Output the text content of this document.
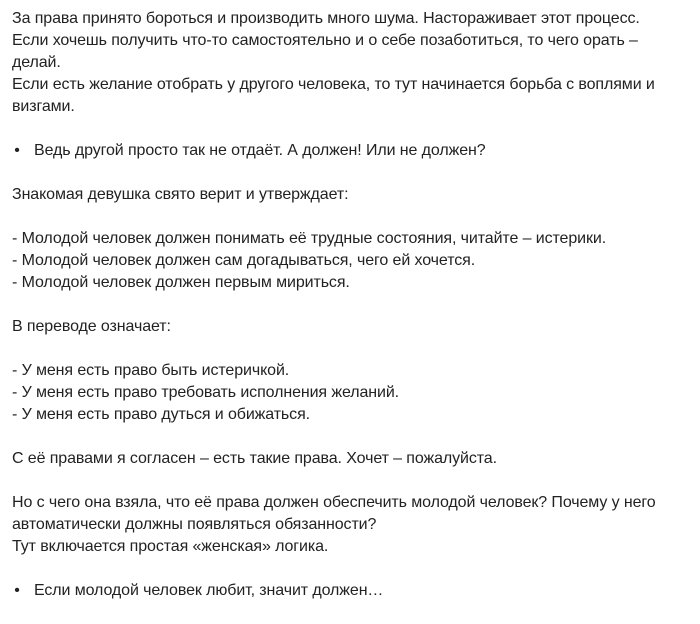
За права принято бороться и производить много шума. Настораживает этот процесс.
Если хочешь получить что-то самостоятельно и о себе позаботиться, то чего орать –
делай.
Если есть желание отобрать у другого человека, то тут начинается борьба с воплями и
визгами.
• Ведь другой просто так не отдаёт. А должен! Или не должен?
Знакомая девушка свято верит и утверждает:
- Молодой человек должен понимать её трудные состояния, читайте – истерики.
- Молодой человек должен сам догадываться, чего ей хочется.
- Молодой человек должен первым мириться.
В переводе означает:
- У меня есть право быть истеричкой.
- У меня есть право требовать исполнения желаний.
- У меня есть право дуться и обижаться.
С её правами я согласен – есть такие права. Хочет – пожалуйста.
Но с чего она взяла, что её права должен обеспечить молодой человек? Почему у него
автоматически должны появляться обязанности?
Тут включается простая «женская» логика.
• Если молодой человек любит, значит должен…
